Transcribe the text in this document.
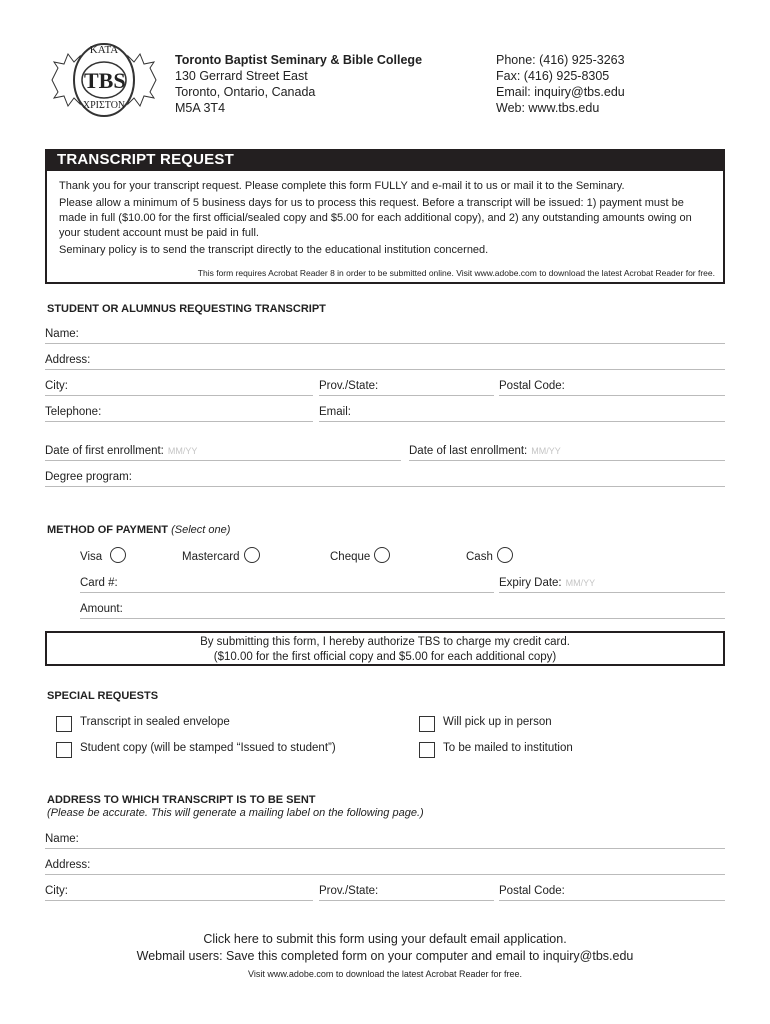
TBS
ΚΑΤΑ
ΧΡΙΣΤΟΝ
Toronto Baptist Seminary & Bible College
130 Gerrard Street East
Toronto, Ontario, Canada
M5A 3T4
Phone: (416) 925-3263
Fax: (416) 925-8305
Email: inquiry@tbs.edu
Web: www.tbs.edu
TRANSCRIPT REQUEST

Thank you for your transcript request. Please complete this form FULLY and e-mail it to us or mail it to the Seminary.

Please allow a minimum of 5 business days for us to process this request. Before a transcript will be issued: 1) payment must be made in full ($10.00 for the first official/sealed copy and $5.00 for each additional copy), and 2) any outstanding amounts owing on your student account must be paid in full.

Seminary policy is to send the transcript directly to the educational institution concerned.

This form requires Acrobat Reader 8 in order to be submitted online. Visit www.adobe.com to download the latest Acrobat Reader for free.
STUDENT OR ALUMNUS REQUESTING TRANSCRIPT
Name:
Address:
City:	Prov./State:	Postal Code:
Telephone:	Email:
Date of first enrollment: MM/YY	Date of last enrollment: MM/YY
Degree program:
METHOD OF PAYMENT (Select one)
Visa	Mastercard	Cheque	Cash
Card #:	Expiry Date: MM/YY
Amount:
By submitting this form, I hereby authorize TBS to charge my credit card.
($10.00 for the first official copy and $5.00 for each additional copy)
SPECIAL REQUESTS
Transcript in sealed envelope	Will pick up in person
Student copy (will be stamped “Issued to student”)	To be mailed to institution
ADDRESS TO WHICH TRANSCRIPT IS TO BE SENT
(Please be accurate. This will generate a mailing label on the following page.)
Name:
Address:
City:	Prov./State:	Postal Code:
Click here to submit this form using your default email application.
Webmail users: Save this completed form on your computer and email to inquiry@tbs.edu
Visit www.adobe.com to download the latest Acrobat Reader for free.
